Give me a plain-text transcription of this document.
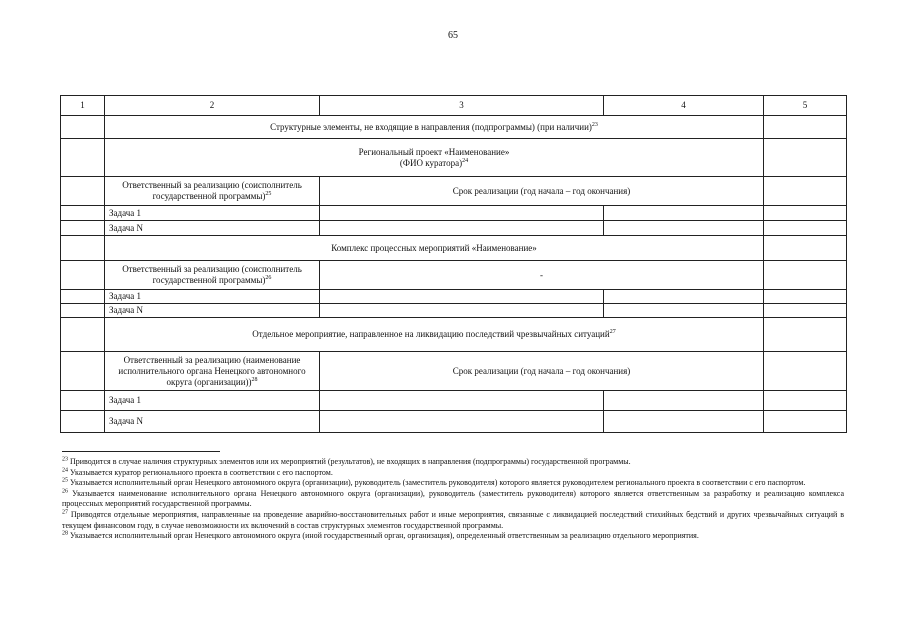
65
1	2	3	4	5
	Структурные элементы, не входящие в направления (подпрограммы) (при наличии)$^{23}$	
	Региональный проект «Наименование»
(ФИО куратора)$^{24}$	
	Ответственный за реализацию (соисполнитель государственной программы)$^{25}$	Срок реализации (год начала – год окончания)		
	Задача 1			
	Задача N			
	Комплекс процессных мероприятий «Наименование»			
	Ответственный за реализацию (соисполнитель государственной программы)$^{26}$	-		
	Задача 1			
	Задача N			
	Отдельное мероприятие, направленное на ликвидацию последствий чрезвычайных ситуаций$^{27}$	
	Ответственный за реализацию (наименование исполнительного органа Ненецкого автономного округа (организации))$^{28}$	Срок реализации (год начала – год окончания)		
	Задача 1			
	Задача N			

$^{23}$ Приводится в случае наличия структурных элементов или их мероприятий (результатов), не входящих в направления (подпрограммы) государственной программы.

$^{24}$ Указывается куратор регионального проекта в соответствии с его паспортом.

$^{25}$ Указывается исполнительный орган Ненецкого автономного округа (организации), руководитель (заместитель руководителя) которого является руководителем регионального проекта в соответствии с его паспортом.

$^{26}$ Указывается наименование исполнительного органа Ненецкого автономного округа (организации), руководитель (заместитель руководителя) которого является ответственным за разработку и реализацию комплекса процессных мероприятий государственной программы.

$^{27}$ Приводятся отдельные мероприятия, направленные на проведение аварийно-восстановительных работ и иные мероприятия, связанные с ликвидацией последствий стихийных бедствий и других чрезвычайных ситуаций в текущем финансовом году, в случае невозможности их включений в состав структурных элементов государственной программы.

$^{28}$ Указывается исполнительный орган Ненецкого автономного округа (иной государственный орган, организация), определенный ответственным за реализацию отдельного мероприятия.
